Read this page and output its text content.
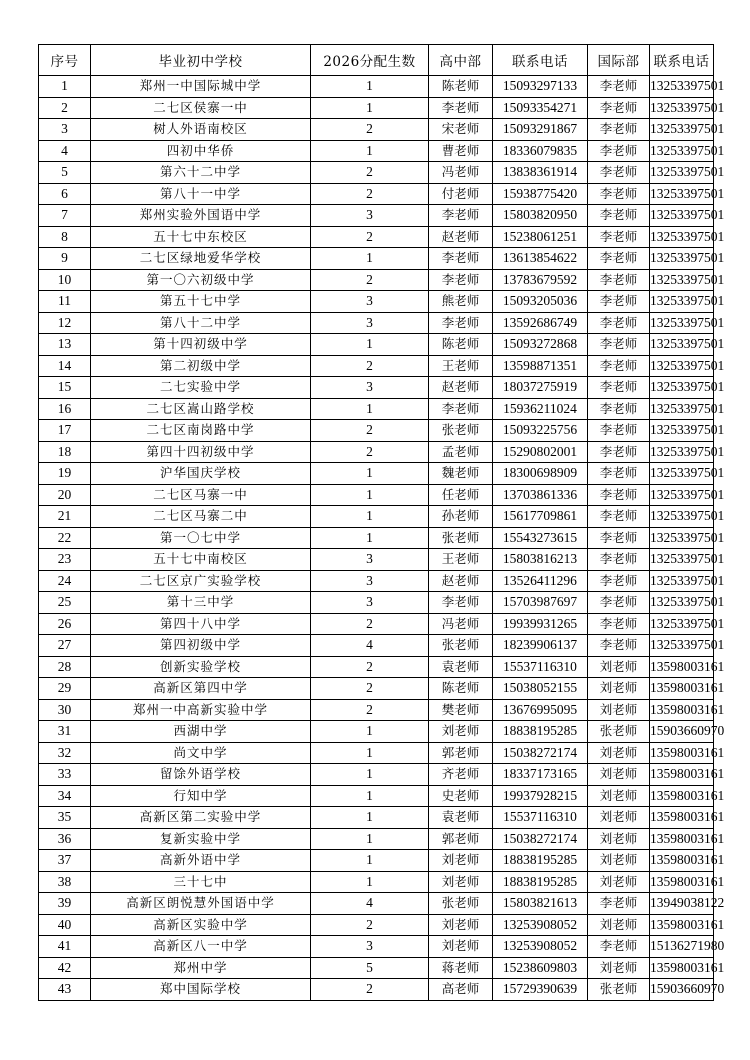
序号	毕业初中学校	2026分配生数	高中部	联系电话	国际部	联系电话
1	郑州一中国际城中学	1	陈老师	15093297133	李老师	13253397501
2	二七区侯寨一中	1	李老师	15093354271	李老师	13253397501
3	树人外语南校区	2	宋老师	15093291867	李老师	13253397501
4	四初中华侨	1	曹老师	18336079835	李老师	13253397501
5	第六十二中学	2	冯老师	13838361914	李老师	13253397501
6	第八十一中学	2	付老师	15938775420	李老师	13253397501
7	郑州实验外国语中学	3	李老师	15803820950	李老师	13253397501
8	五十七中东校区	2	赵老师	15238061251	李老师	13253397501
9	二七区绿地爱华学校	1	李老师	13613854622	李老师	13253397501
10	第一〇六初级中学	2	李老师	13783679592	李老师	13253397501
11	第五十七中学	3	熊老师	15093205036	李老师	13253397501
12	第八十二中学	3	李老师	13592686749	李老师	13253397501
13	第十四初级中学	1	陈老师	15093272868	李老师	13253397501
14	第二初级中学	2	王老师	13598871351	李老师	13253397501
15	二七实验中学	3	赵老师	18037275919	李老师	13253397501
16	二七区嵩山路学校	1	李老师	15936211024	李老师	13253397501
17	二七区南岗路中学	2	张老师	15093225756	李老师	13253397501
18	第四十四初级中学	2	孟老师	15290802001	李老师	13253397501
19	沪华国庆学校	1	魏老师	18300698909	李老师	13253397501
20	二七区马寨一中	1	任老师	13703861336	李老师	13253397501
21	二七区马寨二中	1	孙老师	15617709861	李老师	13253397501
22	第一〇七中学	1	张老师	15543273615	李老师	13253397501
23	五十七中南校区	3	王老师	15803816213	李老师	13253397501
24	二七区京广实验学校	3	赵老师	13526411296	李老师	13253397501
25	第十三中学	3	李老师	15703987697	李老师	13253397501
26	第四十八中学	2	冯老师	19939931265	李老师	13253397501
27	第四初级中学	4	张老师	18239906137	李老师	13253397501
28	创新实验学校	2	袁老师	15537116310	刘老师	13598003161
29	高新区第四中学	2	陈老师	15038052155	刘老师	13598003161
30	郑州一中高新实验中学	2	樊老师	13676995095	刘老师	13598003161
31	西湖中学	1	刘老师	18838195285	张老师	15903660970
32	尚文中学	1	郭老师	15038272174	刘老师	13598003161
33	留馀外语学校	1	齐老师	18337173165	刘老师	13598003161
34	行知中学	1	史老师	19937928215	刘老师	13598003161
35	高新区第二实验中学	1	袁老师	15537116310	刘老师	13598003161
36	复新实验中学	1	郭老师	15038272174	刘老师	13598003161
37	高新外语中学	1	刘老师	18838195285	刘老师	13598003161
38	三十七中	1	刘老师	18838195285	刘老师	13598003161
39	高新区朗悦慧外国语中学	4	张老师	15803821613	李老师	13949038122
40	高新区实验中学	2	刘老师	13253908052	刘老师	13598003161
41	高新区八一中学	3	刘老师	13253908052	李老师	15136271980
42	郑州中学	5	蒋老师	15238609803	刘老师	13598003161
43	郑中国际学校	2	高老师	15729390639	张老师	15903660970
